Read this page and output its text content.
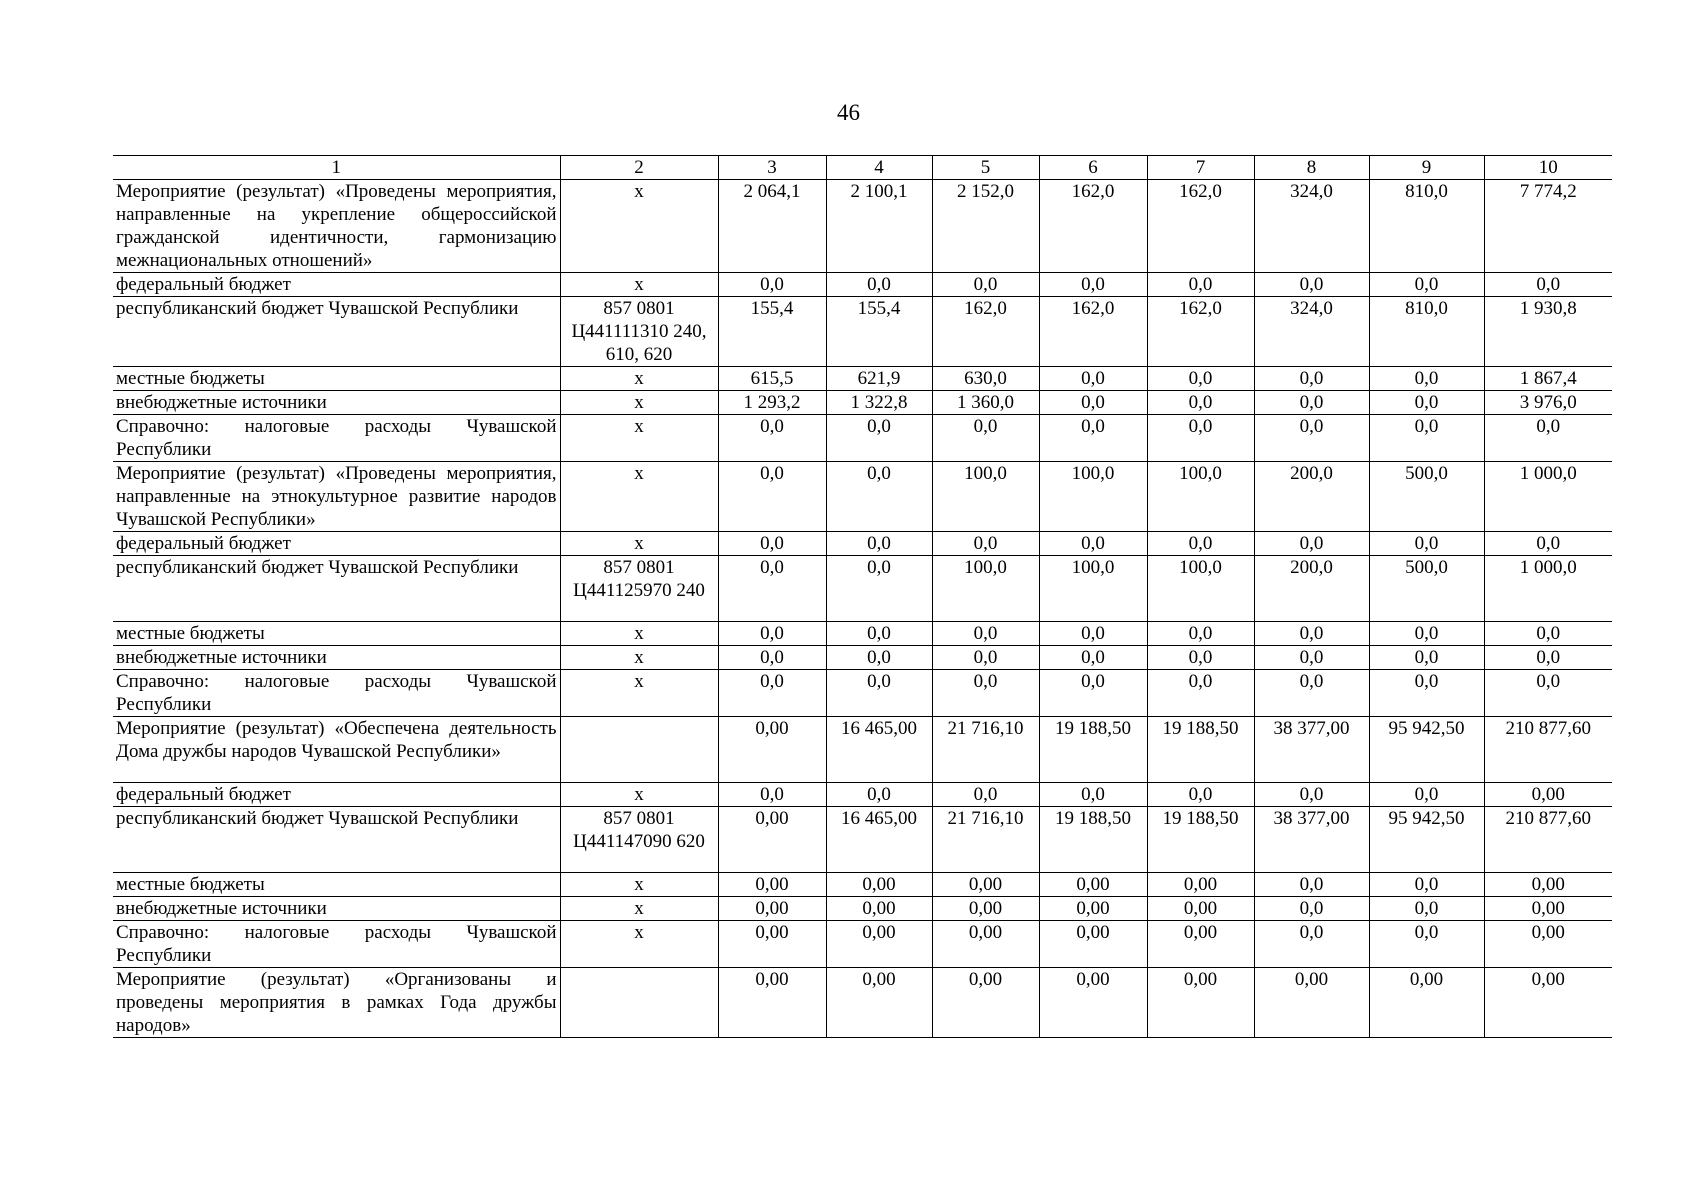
46
1	2	3	4	5	6	7	8	9	10
Мероприятие (результат) «Проведены мероприятия, направленные на укрепление общероссийской гражданской идентичности, гармонизацию межнациональных отношений»	x	2 064,1	2 100,1	2 152,0	162,0	162,0	324,0	810,0	7 774,2
федеральный бюджет	x	0,0	0,0	0,0	0,0	0,0	0,0	0,0	0,0
республиканский бюджет Чувашской Республики	857 0801 Ц441111310 240, 610, 620	155,4	155,4	162,0	162,0	162,0	324,0	810,0	1 930,8
местные бюджеты	x	615,5	621,9	630,0	0,0	0,0	0,0	0,0	1 867,4
внебюджетные источники	x	1 293,2	1 322,8	1 360,0	0,0	0,0	0,0	0,0	3 976,0
Справочно: налоговые расходы Чувашской Республики	x	0,0	0,0	0,0	0,0	0,0	0,0	0,0	0,0
Мероприятие (результат) «Проведены мероприятия, направленные на этнокультурное развитие народов Чувашской Республики»	x	0,0	0,0	100,0	100,0	100,0	200,0	500,0	1 000,0
федеральный бюджет	x	0,0	0,0	0,0	0,0	0,0	0,0	0,0	0,0
республиканский бюджет Чувашской Республики	857 0801 Ц441125970 240	0,0	0,0	100,0	100,0	100,0	200,0	500,0	1 000,0
местные бюджеты	x	0,0	0,0	0,0	0,0	0,0	0,0	0,0	0,0
внебюджетные источники	x	0,0	0,0	0,0	0,0	0,0	0,0	0,0	0,0
Справочно: налоговые расходы Чувашской Республики	x	0,0	0,0	0,0	0,0	0,0	0,0	0,0	0,0
Мероприятие (результат) «Обеспечена деятельность Дома дружбы народов Чувашской Республики»		0,00	16 465,00	21 716,10	19 188,50	19 188,50	38 377,00	95 942,50	210 877,60
федеральный бюджет	x	0,0	0,0	0,0	0,0	0,0	0,0	0,0	0,00
республиканский бюджет Чувашской Республики	857 0801 Ц441147090 620	0,00	16 465,00	21 716,10	19 188,50	19 188,50	38 377,00	95 942,50	210 877,60
местные бюджеты	x	0,00	0,00	0,00	0,00	0,00	0,0	0,0	0,00
внебюджетные источники	x	0,00	0,00	0,00	0,00	0,00	0,0	0,0	0,00
Справочно: налоговые расходы Чувашской Республики	x	0,00	0,00	0,00	0,00	0,00	0,0	0,0	0,00
Мероприятие (результат) «Организованы и проведены мероприятия в рамках Года дружбы народов»		0,00	0,00	0,00	0,00	0,00	0,00	0,00	0,00
